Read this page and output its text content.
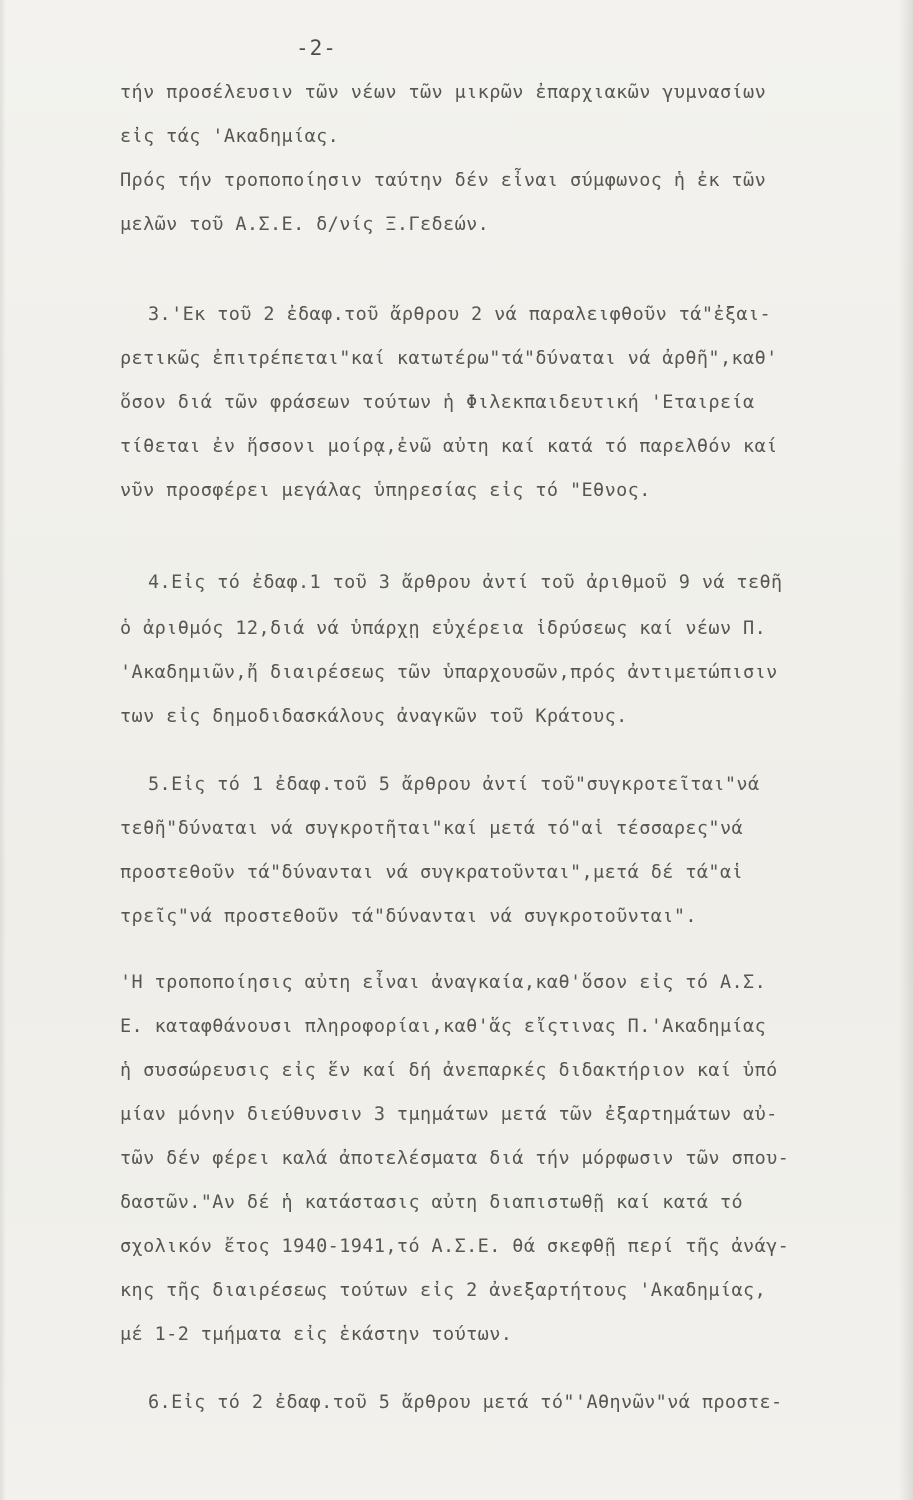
-2-
τήν προσέλευσιν τῶν νέων τῶν μικρῶν ἐπαρχιακῶν γυμνασίων
εἰς τάς 'Ακαδημίας.
Πρός τήν τροποποίησιν ταύτην δέν εἶναι σύμφωνος ἡ ἐκ τῶν
μελῶν τοῦ Α.Σ.Ε. δ/νίς Ξ.Γεδεών.
3.'Εκ τοῦ 2 ἐδαφ.τοῦ ἄρθρου 2 νά παραλειφθοῦν τά"ἐξαι-
ρετικῶς ἐπιτρέπεται"καί κατωτέρω"τά"δύναται νά ἀρθῆ",καθ'
ὅσον διά τῶν φράσεων τούτων ἡ Φιλεκπαιδευτική 'Εταιρεία
τίθεται ἐν ἥσσονι μοίρᾳ,ἐνῶ αὐτη καί κατά τό παρελθόν καί
νῦν προσφέρει μεγάλας ὑπηρεσίας εἰς τό "Εθνος.
4.Εἰς τό ἐδαφ.1 τοῦ 3 ἄρθρου ἀντί τοῦ ἀριθμοῦ 9 νά τεθῆ
ὁ ἀριθμός 12,διά νά ὑπάρχῃ εὐχέρεια ἱδρύσεως καί νέων Π.
'Ακαδημιῶν,ἤ διαιρέσεως τῶν ὑπαρχουσῶν,πρός ἀντιμετώπισιν
των εἰς δημοδιδασκάλους ἀναγκῶν τοῦ Κράτους.
5.Εἰς τό 1 ἐδαφ.τοῦ 5 ἄρθρου ἀντί τοῦ"συγκροτεῖται"νά
τεθῆ"δύναται νά συγκροτῆται"καί μετά τό"αἱ τέσσαρες"νά
προστεθοῦν τά"δύνανται νά συγκρατοῦνται",μετά δέ τά"αἱ
τρεῖς"νά προστεθοῦν τά"δύνανται νά συγκροτοῦνται".
'Η τροποποίησις αὐτη εἶναι ἀναγκαία,καθ'ὅσον εἰς τό Α.Σ.
Ε. καταφθάνουσι πληροφορίαι,καθ'ἅς εἴςτινας Π.'Ακαδημίας
ἡ συσσώρευσις εἰς ἕν καί δή ἀνεπαρκές διδακτήριον καί ὑπό
μίαν μόνην διεύθυνσιν 3 τμημάτων μετά τῶν ἐξαρτημάτων αὐ-
τῶν δέν φέρει καλά ἀποτελέσματα διά τήν μόρφωσιν τῶν σπου-
δαστῶν."Αν δέ ἡ κατάστασις αὐτη διαπιστωθῇ καί κατά τό
σχολικόν ἔτος 1940-1941,τό Α.Σ.Ε. θά σκεφθῇ περί τῆς ἀνάγ-
κης τῆς διαιρέσεως τούτων εἰς 2 ἀνεξαρτήτους 'Ακαδημίας,
μέ 1-2 τμήματα εἰς ἑκάστην τούτων.
6.Εἰς τό 2 ἐδαφ.τοῦ 5 ἄρθρου μετά τό"'Αθηνῶν"νά προστε-
